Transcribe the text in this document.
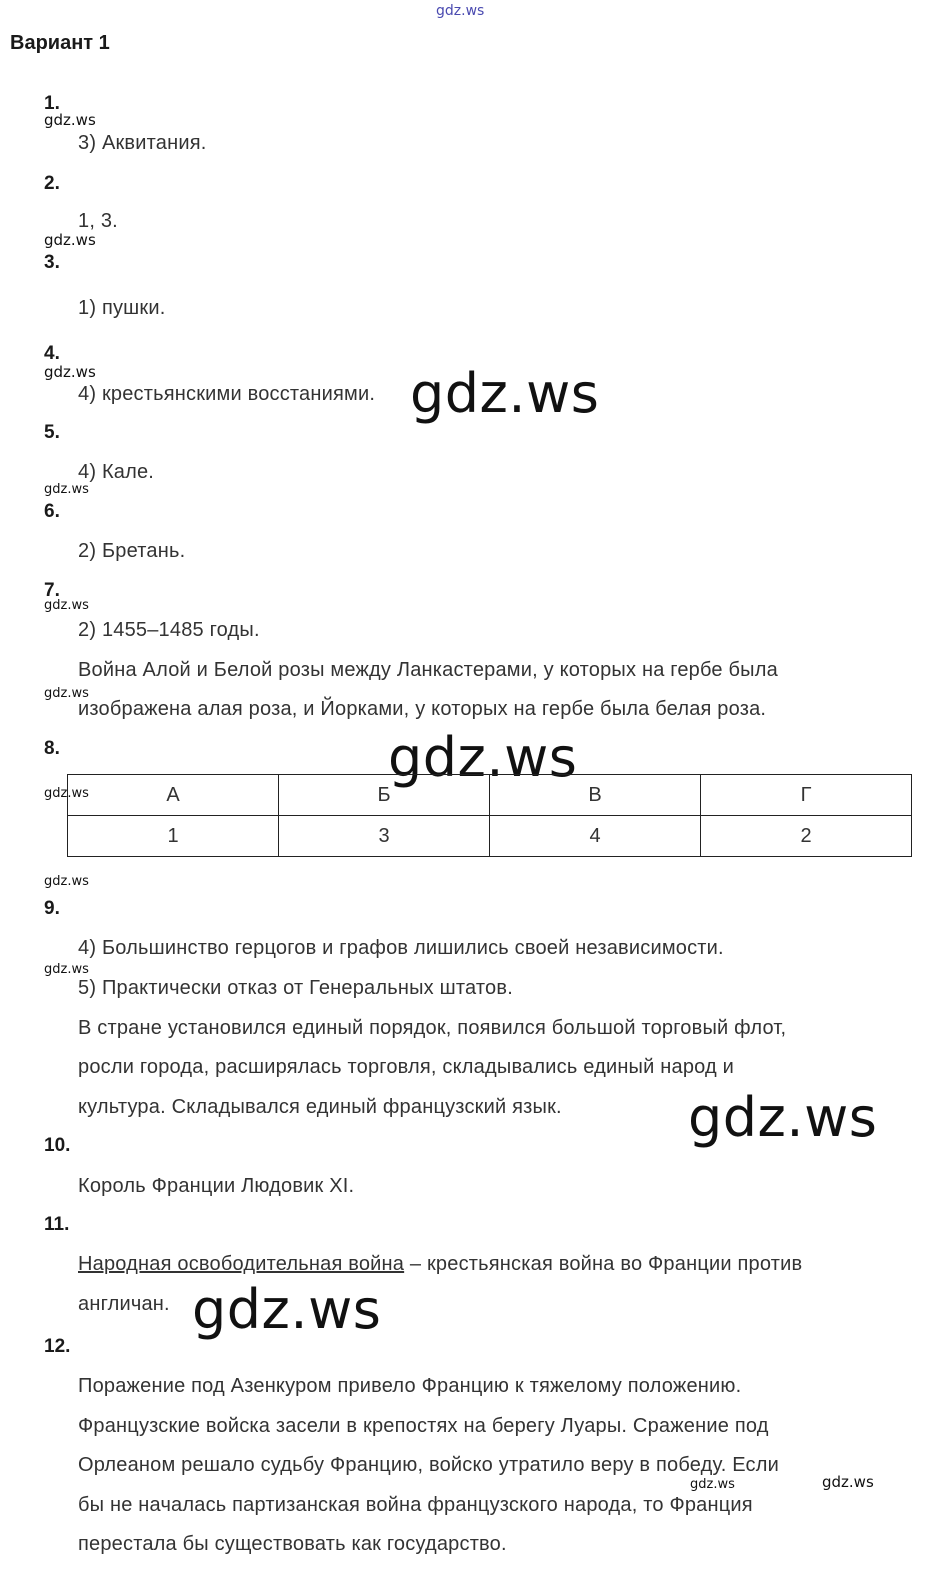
gdz.ws
Вариант 1
1.
gdz.ws
3) Аквитания.
2.
1, 3.
gdz.ws
3.
1) пушки.
4.
gdz.ws
4) крестьянскими восстаниями. gdz.ws
5.
4) Кале.
gdz.ws
6.
2) Бретань.
7.
gdz.ws
2) 1455–1485 годы.
Война Алой и Белой розы между Ланкастерами, у которых на гербе была
gdz.ws
изображена алая роза, и Йорками, у которых на гербе была белая роза.
8.	gdz.ws
А	Б	В	Г
1	3	4	2
gdz.ws
gdz.ws
9.
4) Большинство герцогов и графов лишились своей независимости.
gdz.ws
5) Практически отказ от Генеральных штатов.
В стране установился единый порядок, появился большой торговый флот,
росли города, расширялась торговля, складывались единый народ и
культура. Складывался единый французский язык. gdz.ws
10.
Король Франции Людовик XI.
11.
Народная освободительная война – крестьянская война во Франции против
англичан. gdz.ws
12.
Поражение под Азенкуром привело Францию к тяжелому положению.
Французские войска засели в крепостях на берегу Луары. Сражение под
Орлеаном решало судьбу Францию, войско утратило веру в победу. Если
gdz.ws	gdz.ws
бы не началась партизанская война французского народа, то Франция
перестала бы существовать как государство.
